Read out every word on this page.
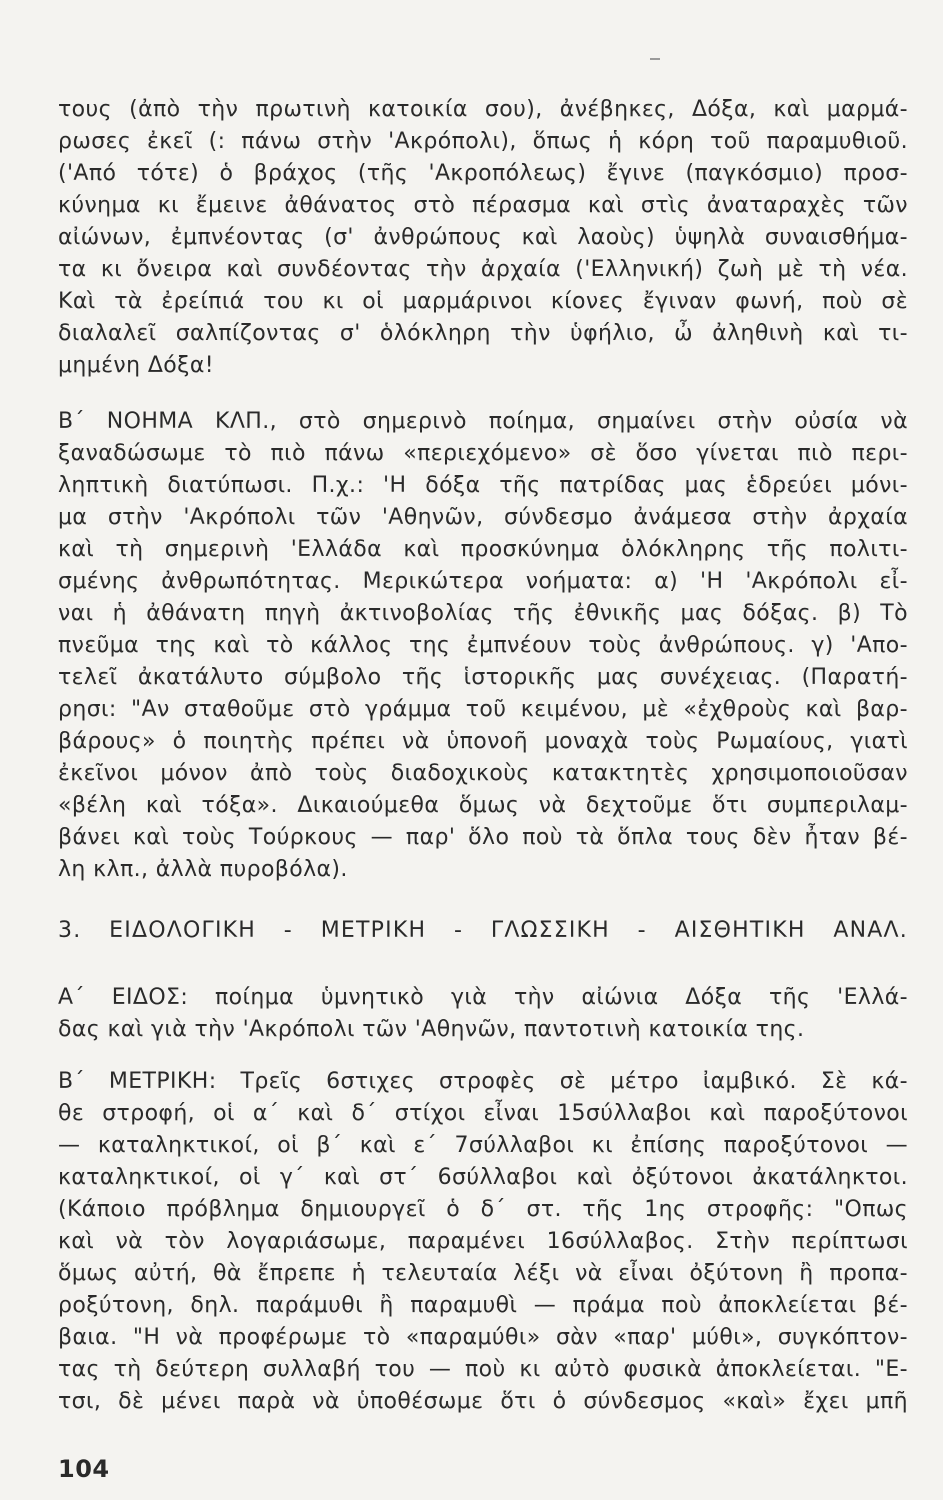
τους (ἀπὸ τὴν πρωτινὴ κατοικία σου), ἀνέβηκες, Δόξα, καὶ μαρμά-
ρωσες ἐκεῖ (: πάνω στὴν 'Ακρόπολι), ὅπως ἡ κόρη τοῦ παραμυθιοῦ.
('Από τότε) ὁ βράχος (τῆς 'Ακροπόλεως) ἔγινε (παγκόσμιο) προσ-
κύνημα κι ἔμεινε ἀθάνατος στὸ πέρασμα καὶ στὶς ἀναταραχὲς τῶν
αἰώνων, ἐμπνέοντας (σ' ἀνθρώπους καὶ λαοὺς) ὑψηλὰ συναισθήμα-
τα κι ὄνειρα καὶ συνδέοντας τὴν ἀρχαία ('Ελληνική) ζωὴ μὲ τὴ νέα.
Καὶ τὰ ἐρείπιά του κι οἱ μαρμάρινοι κίονες ἔγιναν φωνή, ποὺ σὲ
διαλαλεῖ σαλπίζοντας σ' ὁλόκληρη τὴν ὑφήλιο, ὦ ἀληθινὴ καὶ τι-
μημένη Δόξα!
Β΄ ΝΟΗΜΑ ΚΛΠ., στὸ σημερινὸ ποίημα, σημαίνει στὴν οὐσία νὰ
ξαναδώσωμε τὸ πιὸ πάνω «περιεχόμενο» σὲ ὅσο γίνεται πιὸ περι-
ληπτικὴ διατύπωσι. Π.χ.: 'Η δόξα τῆς πατρίδας μας ἑδρεύει μόνι-
μα στὴν 'Ακρόπολι τῶν 'Αθηνῶν, σύνδεσμο ἀνάμεσα στὴν ἀρχαία
καὶ τὴ σημερινὴ 'Ελλάδα καὶ προσκύνημα ὁλόκληρης τῆς πολιτι-
σμένης ἀνθρωπότητας. Μερικώτερα νοήματα: α) 'Η 'Ακρόπολι εἶ-
ναι ἡ ἀθάνατη πηγὴ ἀκτινοβολίας τῆς ἐθνικῆς μας δόξας. β) Τὸ
πνεῦμα της καὶ τὸ κάλλος της ἐμπνέουν τοὺς ἀνθρώπους. γ) 'Απο-
τελεῖ ἀκατάλυτο σύμβολο τῆς ἱστορικῆς μας συνέχειας. (Παρατή-
ρησι: "Αν σταθοῦμε στὸ γράμμα τοῦ κειμένου, μὲ «ἐχθροὺς καὶ βαρ-
βάρους» ὁ ποιητὴς πρέπει νὰ ὑπονοῆ μοναχὰ τοὺς Ρωμαίους, γιατὶ
ἐκεῖνοι μόνον ἀπὸ τοὺς διαδοχικοὺς κατακτητὲς χρησιμοποιοῦσαν
«βέλη καὶ τόξα». Δικαιούμεθα ὅμως νὰ δεχτοῦμε ὅτι συμπεριλαμ-
βάνει καὶ τοὺς Τούρκους — παρ' ὅλο ποὺ τὰ ὅπλα τους δὲν ἦταν βέ-
λη κλπ., ἀλλὰ πυροβόλα).
3. ΕΙΔΟΛΟΓΙΚΗ - ΜΕΤΡΙΚΗ - ΓΛΩΣΣΙΚΗ - ΑΙΣΘΗΤΙΚΗ ΑΝΑΛ.
Α΄ ΕΙΔΟΣ: ποίημα ὑμνητικὸ γιὰ τὴν αἰώνια Δόξα τῆς 'Ελλά-
δας καὶ γιὰ τὴν 'Ακρόπολι τῶν 'Αθηνῶν, παντοτινὴ κατοικία της.
Β΄ ΜΕΤΡΙΚΗ: Τρεῖς 6στιχες στροφὲς σὲ μέτρο ἰαμβικό. Σὲ κά-
θε στροφή, οἱ α΄ καὶ δ΄ στίχοι εἶναι 15σύλλαβοι καὶ παροξύτονοι
— καταληκτικοί, οἱ β΄ καὶ ε΄ 7σύλλαβοι κι ἐπίσης παροξύτονοι —
καταληκτικοί, οἱ γ΄ καὶ στ΄ 6σύλλαβοι καὶ ὀξύτονοι ἀκατάληκτοι.
(Κάποιο πρόβλημα δημιουργεῖ ὁ δ΄ στ. τῆς 1ης στροφῆς: "Οπως
καὶ νὰ τὸν λογαριάσωμε, παραμένει 16σύλλαβος. Στὴν περίπτωσι
ὅμως αὐτή, θὰ ἔπρεπε ἡ τελευταία λέξι νὰ εἶναι ὀξύτονη ἢ προπα-
ροξύτονη, δηλ. παράμυθι ἢ παραμυθὶ — πράμα ποὺ ἀποκλείεται βέ-
βαια. "Η νὰ προφέρωμε τὸ «παραμύθι» σὰν «παρ' μύθι», συγκόπτον-
τας τὴ δεύτερη συλλαβή του — ποὺ κι αὐτὸ φυσικὰ ἀποκλείεται. "Ε-
τσι, δὲ μένει παρὰ νὰ ὑποθέσωμε ὅτι ὁ σύνδεσμος «καὶ» ἔχει μπῆ
104
